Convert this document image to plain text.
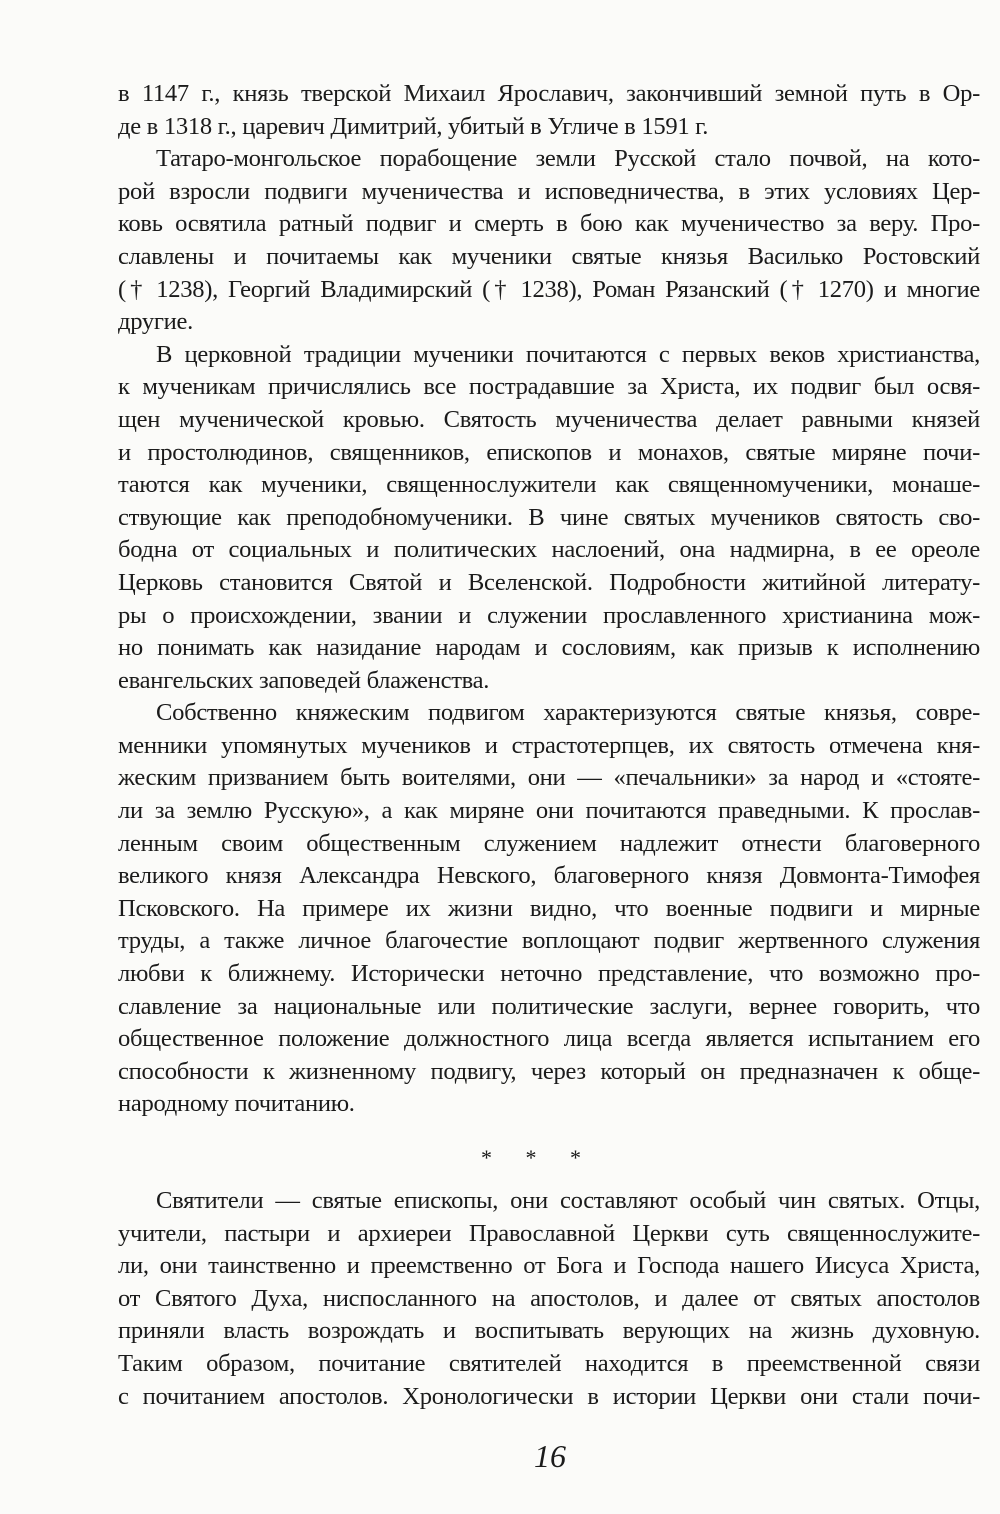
в 1147 г., князь тверской Михаил Ярославич, закончивший земной путь в Ор-
де в 1318 г., царевич Димитрий, убитый в Угличе в 1591 г.
Татаро-монгольское порабощение земли Русской стало почвой, на кото-
рой взросли подвиги мученичества и исповедничества, в этих условиях Цер-
ковь освятила ратный подвиг и смерть в бою как мученичество за веру. Про-
славлены и почитаемы как мученики святые князья Василько Ростовский
(† 1238), Георгий Владимирский († 1238), Роман Рязанский († 1270) и многие
другие.
В церковной традиции мученики почитаются с первых веков христианства,
к мученикам причислялись все пострадавшие за Христа, их подвиг был освя-
щен мученической кровью. Святость мученичества делает равными князей
и простолюдинов, священников, епископов и монахов, святые миряне почи-
таются как мученики, священнослужители как священномученики, монаше-
ствующие как преподобномученики. В чине святых мучеников святость сво-
бодна от социальных и политических наслоений, она надмирна, в ее ореоле
Церковь становится Святой и Вселенской. Подробности житийной литерату-
ры о происхождении, звании и служении прославленного христианина мож-
но понимать как назидание народам и сословиям, как призыв к исполнению
евангельских заповедей блаженства.
Собственно княжеским подвигом характеризуются святые князья, совре-
менники упомянутых мучеников и страстотерпцев, их святость отмечена кня-
жеским призванием быть воителями, они — «печальники» за народ и «стояте-
ли за землю Русскую», а как миряне они почитаются праведными. К прослав-
ленным своим общественным служением надлежит отнести благоверного
великого князя Александра Невского, благоверного князя Довмонта-Тимофея
Псковского. На примере их жизни видно, что военные подвиги и мирные
труды, а также личное благочестие воплощают подвиг жертвенного служения
любви к ближнему. Исторически неточно представление, что возможно про-
славление за национальные или политические заслуги, вернее говорить, что
общественное положение должностного лица всегда является испытанием его
способности к жизненному подвигу, через который он предназначен к обще-
народному почитанию.
* * *
Святители — святые епископы, они составляют особый чин святых. Отцы,
учители, пастыри и архиереи Православной Церкви суть священнослужите-
ли, они таинственно и преемственно от Бога и Господа нашего Иисуса Христа,
от Святого Духа, ниспосланного на апостолов, и далее от святых апостолов
приняли власть возрождать и воспитывать верующих на жизнь духовную.
Таким образом, почитание святителей находится в преемственной связи
с почитанием апостолов. Хронологически в истории Церкви они стали почи-
16
